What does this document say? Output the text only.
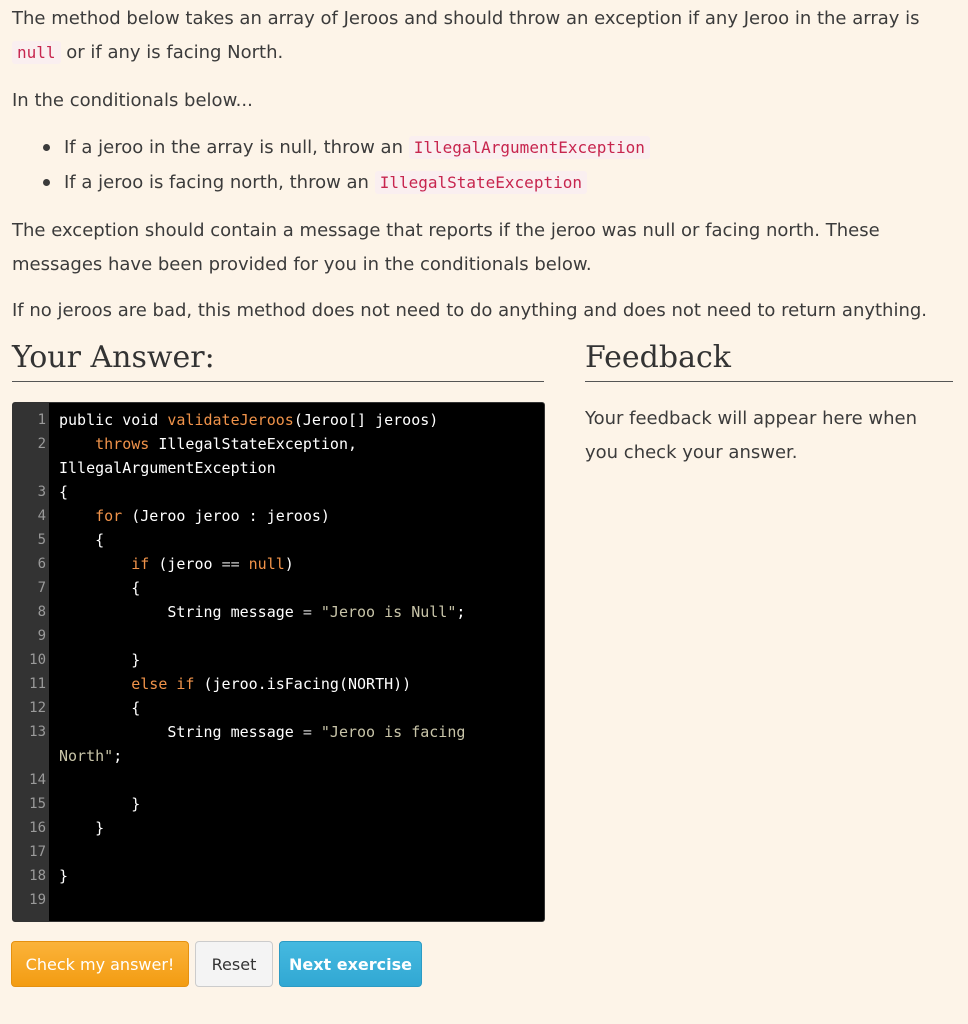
The method below takes an array of Jeroos and should throw an exception if any Jeroo in the array is null or if any is facing North.

In the conditionals below...

If a jeroo in the array is null, throw an IllegalArgumentException
If a jeroo is facing north, throw an IllegalStateException

The exception should contain a message that reports if the jeroo was null or facing north. These messages have been provided for you in the conditionals below.

If no jeroos are bad, this method does not need to do anything and does not need to return anything.

Your Answer:	Feedback
Your feedback will appear here when you check your answer.
1 public void validateJeroos(Jeroo[] jeroos)
2 throws IllegalStateException,
IllegalArgumentException
3 {
4 for (Jeroo jeroo : jeroos)
5 {
6 if (jeroo == null)
7 {
8 String message = "Jeroo is Null";
9
10 }
11 else if (jeroo.isFacing(NORTH))
12 {
13 String message = "Jeroo is facing
North";
14
15 }
16 }
17
18 }
19
Check my answer!	Reset	Next exercise
